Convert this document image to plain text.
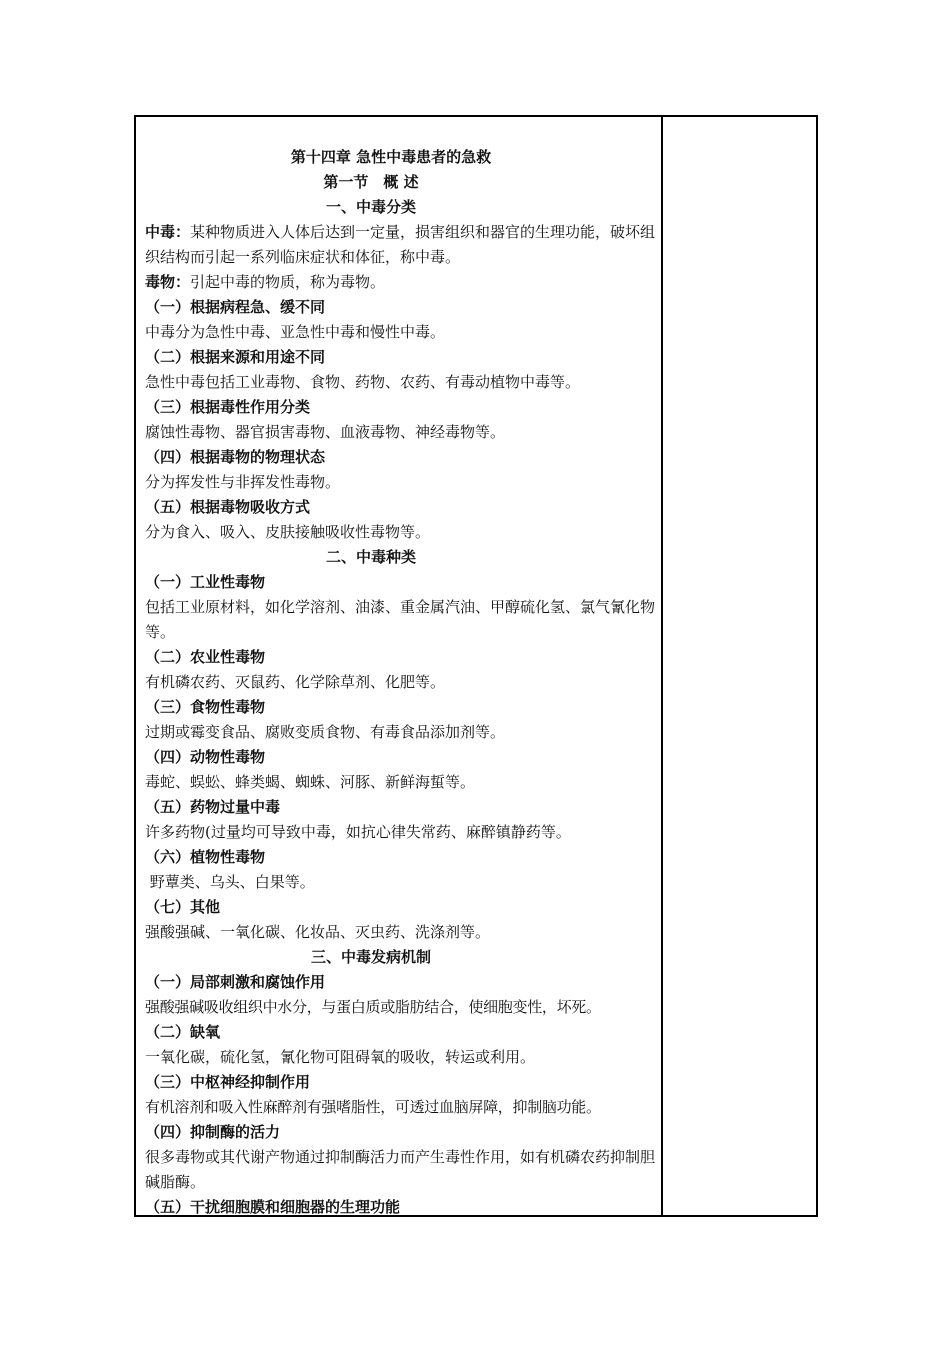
第十四章 急性中毒患者的急救
第一节　概 述
一、中毒分类
中毒：某种物质进入人体后达到一定量，损害组织和器官的生理功能，破坏组织结构而引起一系列临床症状和体征，称中毒。
毒物：引起中毒的物质，称为毒物。
（一）根据病程急、缓不同
中毒分为急性中毒、亚急性中毒和慢性中毒。
（二）根据来源和用途不同
急性中毒包括工业毒物、食物、药物、农药、有毒动植物中毒等。
（三）根据毒性作用分类
腐蚀性毒物、器官损害毒物、血液毒物、神经毒物等。
（四）根据毒物的物理状态
分为挥发性与非挥发性毒物。
（五）根据毒物吸收方式
分为食入、吸入、皮肤接触吸收性毒物等。
二、中毒种类
（一）工业性毒物
包括工业原材料，如化学溶剂、油漆、重金属汽油、甲醇硫化氢、氯气氰化物等。
（二）农业性毒物
有机磷农药、灭鼠药、化学除草剂、化肥等。
（三）食物性毒物
过期或霉变食品、腐败变质食物、有毒食品添加剂等。
（四）动物性毒物
毒蛇、蜈蚣、蜂类蝎、蜘蛛、河豚、新鲜海蜇等。
（五）药物过量中毒
许多药物(过量均可导致中毒，如抗心律失常药、麻醉镇静药等。
（六）植物性毒物
野蕈类、乌头、白果等。
（七）其他
强酸强碱、一氧化碳、化妆品、灭虫药、洗涤剂等。
三、中毒发病机制
（一）局部刺激和腐蚀作用
强酸强碱吸收组织中水分，与蛋白质或脂肪结合，使细胞变性，坏死。
（二）缺氧
一氧化碳，硫化氢，氰化物可阻碍氧的吸收，转运或利用。
（三）中枢神经抑制作用
有机溶剂和吸入性麻醉剂有强嗜脂性，可透过血脑屏障，抑制脑功能。
（四）抑制酶的活力
很多毒物或其代谢产物通过抑制酶活力而产生毒性作用，如有机磷农药抑制胆碱脂酶。
（五）干扰细胞膜和细胞器的生理功能
